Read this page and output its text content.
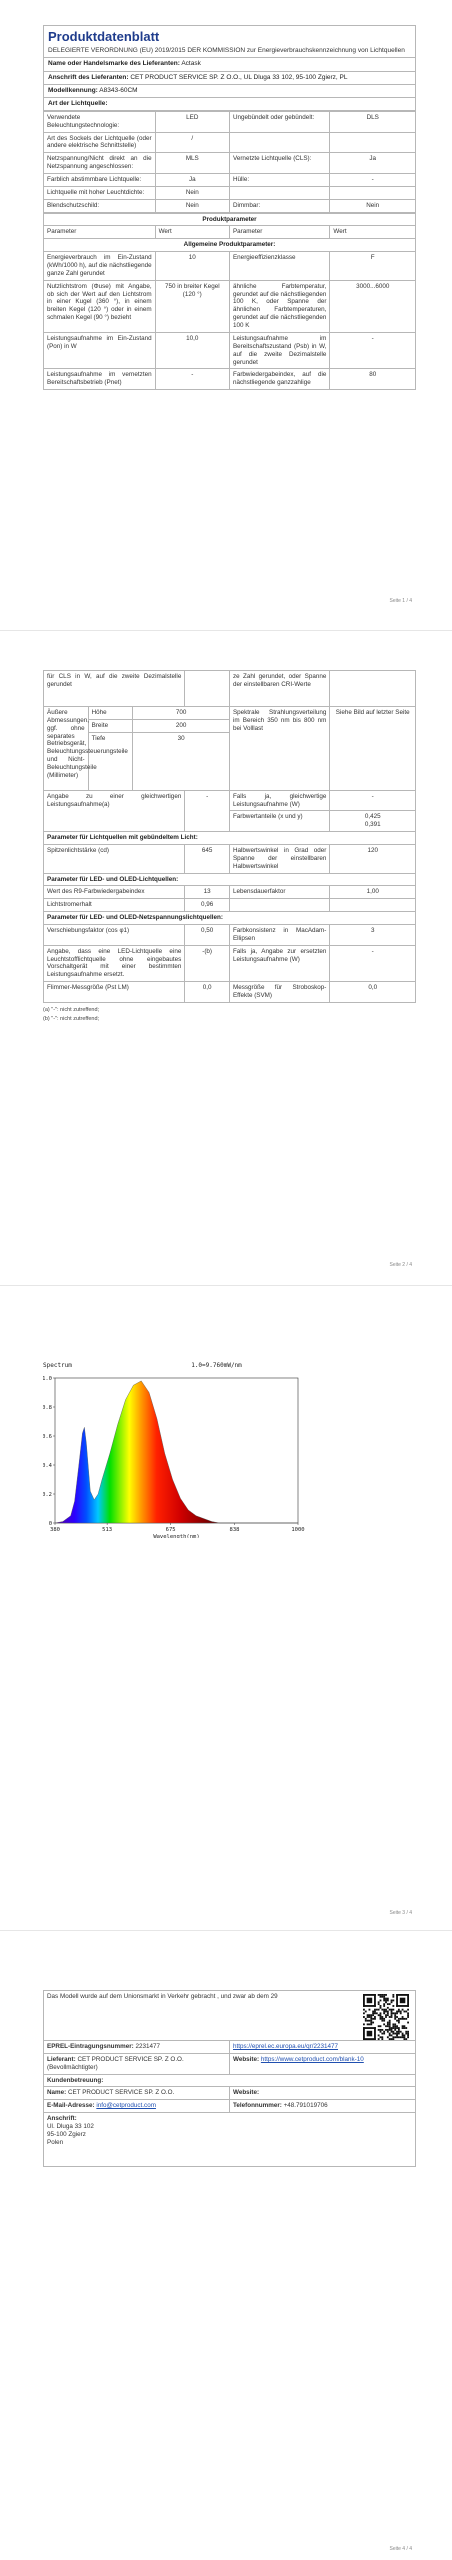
Produktdatenblatt
DELEGIERTE VERORDNUNG (EU) 2019/2015 DER KOMMISSION zur Energieverbrauchskennzeichnung von Lichtquellen
Name oder Handelsmarke des Lieferanten: Actask
Anschrift des Lieferanten: CET PRODUCT SERVICE SP. Z O.O., UL Dluga 33 102, 95-100 Zgierz, PL
Modellkennung: A8343-60CM
Art der Lichtquelle:
Verwendete Beleuchtungstechnologie:	LED	Ungebündelt oder gebündelt:	DLS
Art des Sockels der Lichtquelle (oder andere elektrische Schnittstelle)	/		
Netzspannung/Nicht direkt an die Netzspannung angeschlossen:	MLS	Vernetzte Lichtquelle (CLS):	Ja
Farblich abstimmbare Lichtquelle:	Ja	Hülle:	-
Lichtquelle mit hoher Leuchtdichte:	Nein		
Blendschutzschild:	Nein	Dimmbar:	Nein
Produktparameter			
Parameter	Wert	Parameter	Wert
Allgemeine Produktparameter:			
Energieverbrauch im Ein-Zustand (kWh/1000 h), auf die nächstliegende ganze Zahl gerundet	10	Energieeffizienzklasse	F
Nutzlichtstrom (Φuse) mit Angabe, ob sich der Wert auf den Lichtstrom in einer Kugel (360 °), in einem breiten Kegel (120 °) oder in einem schmalen Kegel (90 °) bezieht	750 in breiter Kegel (120 °)	ähnliche Farbtemperatur, gerundet auf die nächstliegenden 100 K, oder Spanne der ähnlichen Farbtemperaturen, gerundet auf die nächstliegenden 100 K	3000...6000
Leistungsaufnahme im Ein-Zustand (Pon) in W	10,0	Leistungsaufnahme im Bereitschaftszustand (Psb) in W, auf die zweite Dezimalstelle gerundet	-
Leistungsaufnahme im vernetzten Bereitschaftsbetrieb (Pnet)	-	Farbwiedergabeindex, auf die nächstliegende ganzzahlige	80
Seite 1 / 4
für CLS in W, auf die zweite Dezimalstelle gerundet				ze Zahl gerundet, oder Spanne der einstellbaren CRI-Werte	
Äußere Abmessungen, ggf. ohne separates Betriebsgerät, Beleuchtungssteuerungsteile und Nicht-Beleuchtungsteile (Millimeter)	Höhe	700		Spektrale Strahlungsverteilung im Bereich 350 nm bis 800 nm bei Volllast	Siehe Bild auf letzter Seite
	Breite	200			
	Tiefe	30			
Angabe zu einer gleichwertigen Leistungsaufnahme(a)			-	Falls ja, gleichwertige Leistungsaufnahme (W)	-
				Farbwertanteile (x und y)	0,425
0,391

Parameter für Lichtquellen mit gebündeltem Licht:					
Spitzenlichtstärke (cd)			645	Halbwertswinkel in Grad oder Spanne der einstellbaren Halbwertswinkel	120
Parameter für LED- und OLED-Lichtquellen:					
Wert des R9-Farbwiedergabeindex			13	Lebensdauerfaktor	1,00
Lichtstromerhalt			0,96		
Parameter für LED- und OLED-Netzspannungslichtquellen:					
Verschiebungsfaktor (cos φ1)			0,50	Farbkonsistenz in MacAdam-Ellipsen	3
Angabe, dass eine LED-Lichtquelle eine Leuchtstofflichtquelle ohne eingebautes Vorschaltgerät mit einer bestimmten Leistungsaufnahme ersetzt.			-(b)	Falls ja, Angabe zur ersetzten Leistungsaufnahme (W)	-
Flimmer-Messgröße (Pst LM)			0,0	Messgröße für Stroboskop-Effekte (SVM)	0,0
(a) "-": nicht zutreffend;
(b) "-": nicht zutreffend;
Seite 2 / 4
Spectrum	1.0=9.760mW/nm
0
0.2
0.4
0.6
0.8
1.0
380	513	675	838	1000
Wavelength(nm)
Seite 3 / 4
Das Modell wurde auf dem Unionsmarkt in Verkehr gebracht , und zwar ab dem 29	

EPREL-Eintragungsnummer: 2231477	https://eprel.ec.europa.eu/qr/2231477
Lieferant: CET PRODUCT SERVICE SP. Z O.O. (Bevollmächtigter)	Website: https://www.cetproduct.com/blank-10
Kundenbetreuung:	
Name: CET PRODUCT SERVICE SP. Z O.O.	Website:
E-Mail-Adresse: info@cetproduct.com	Telefonnummer: +48.791019706
Anschrift:
Ul. Dluga 33 102
95-100 Zgierz
Polen	
Seite 4 / 4
